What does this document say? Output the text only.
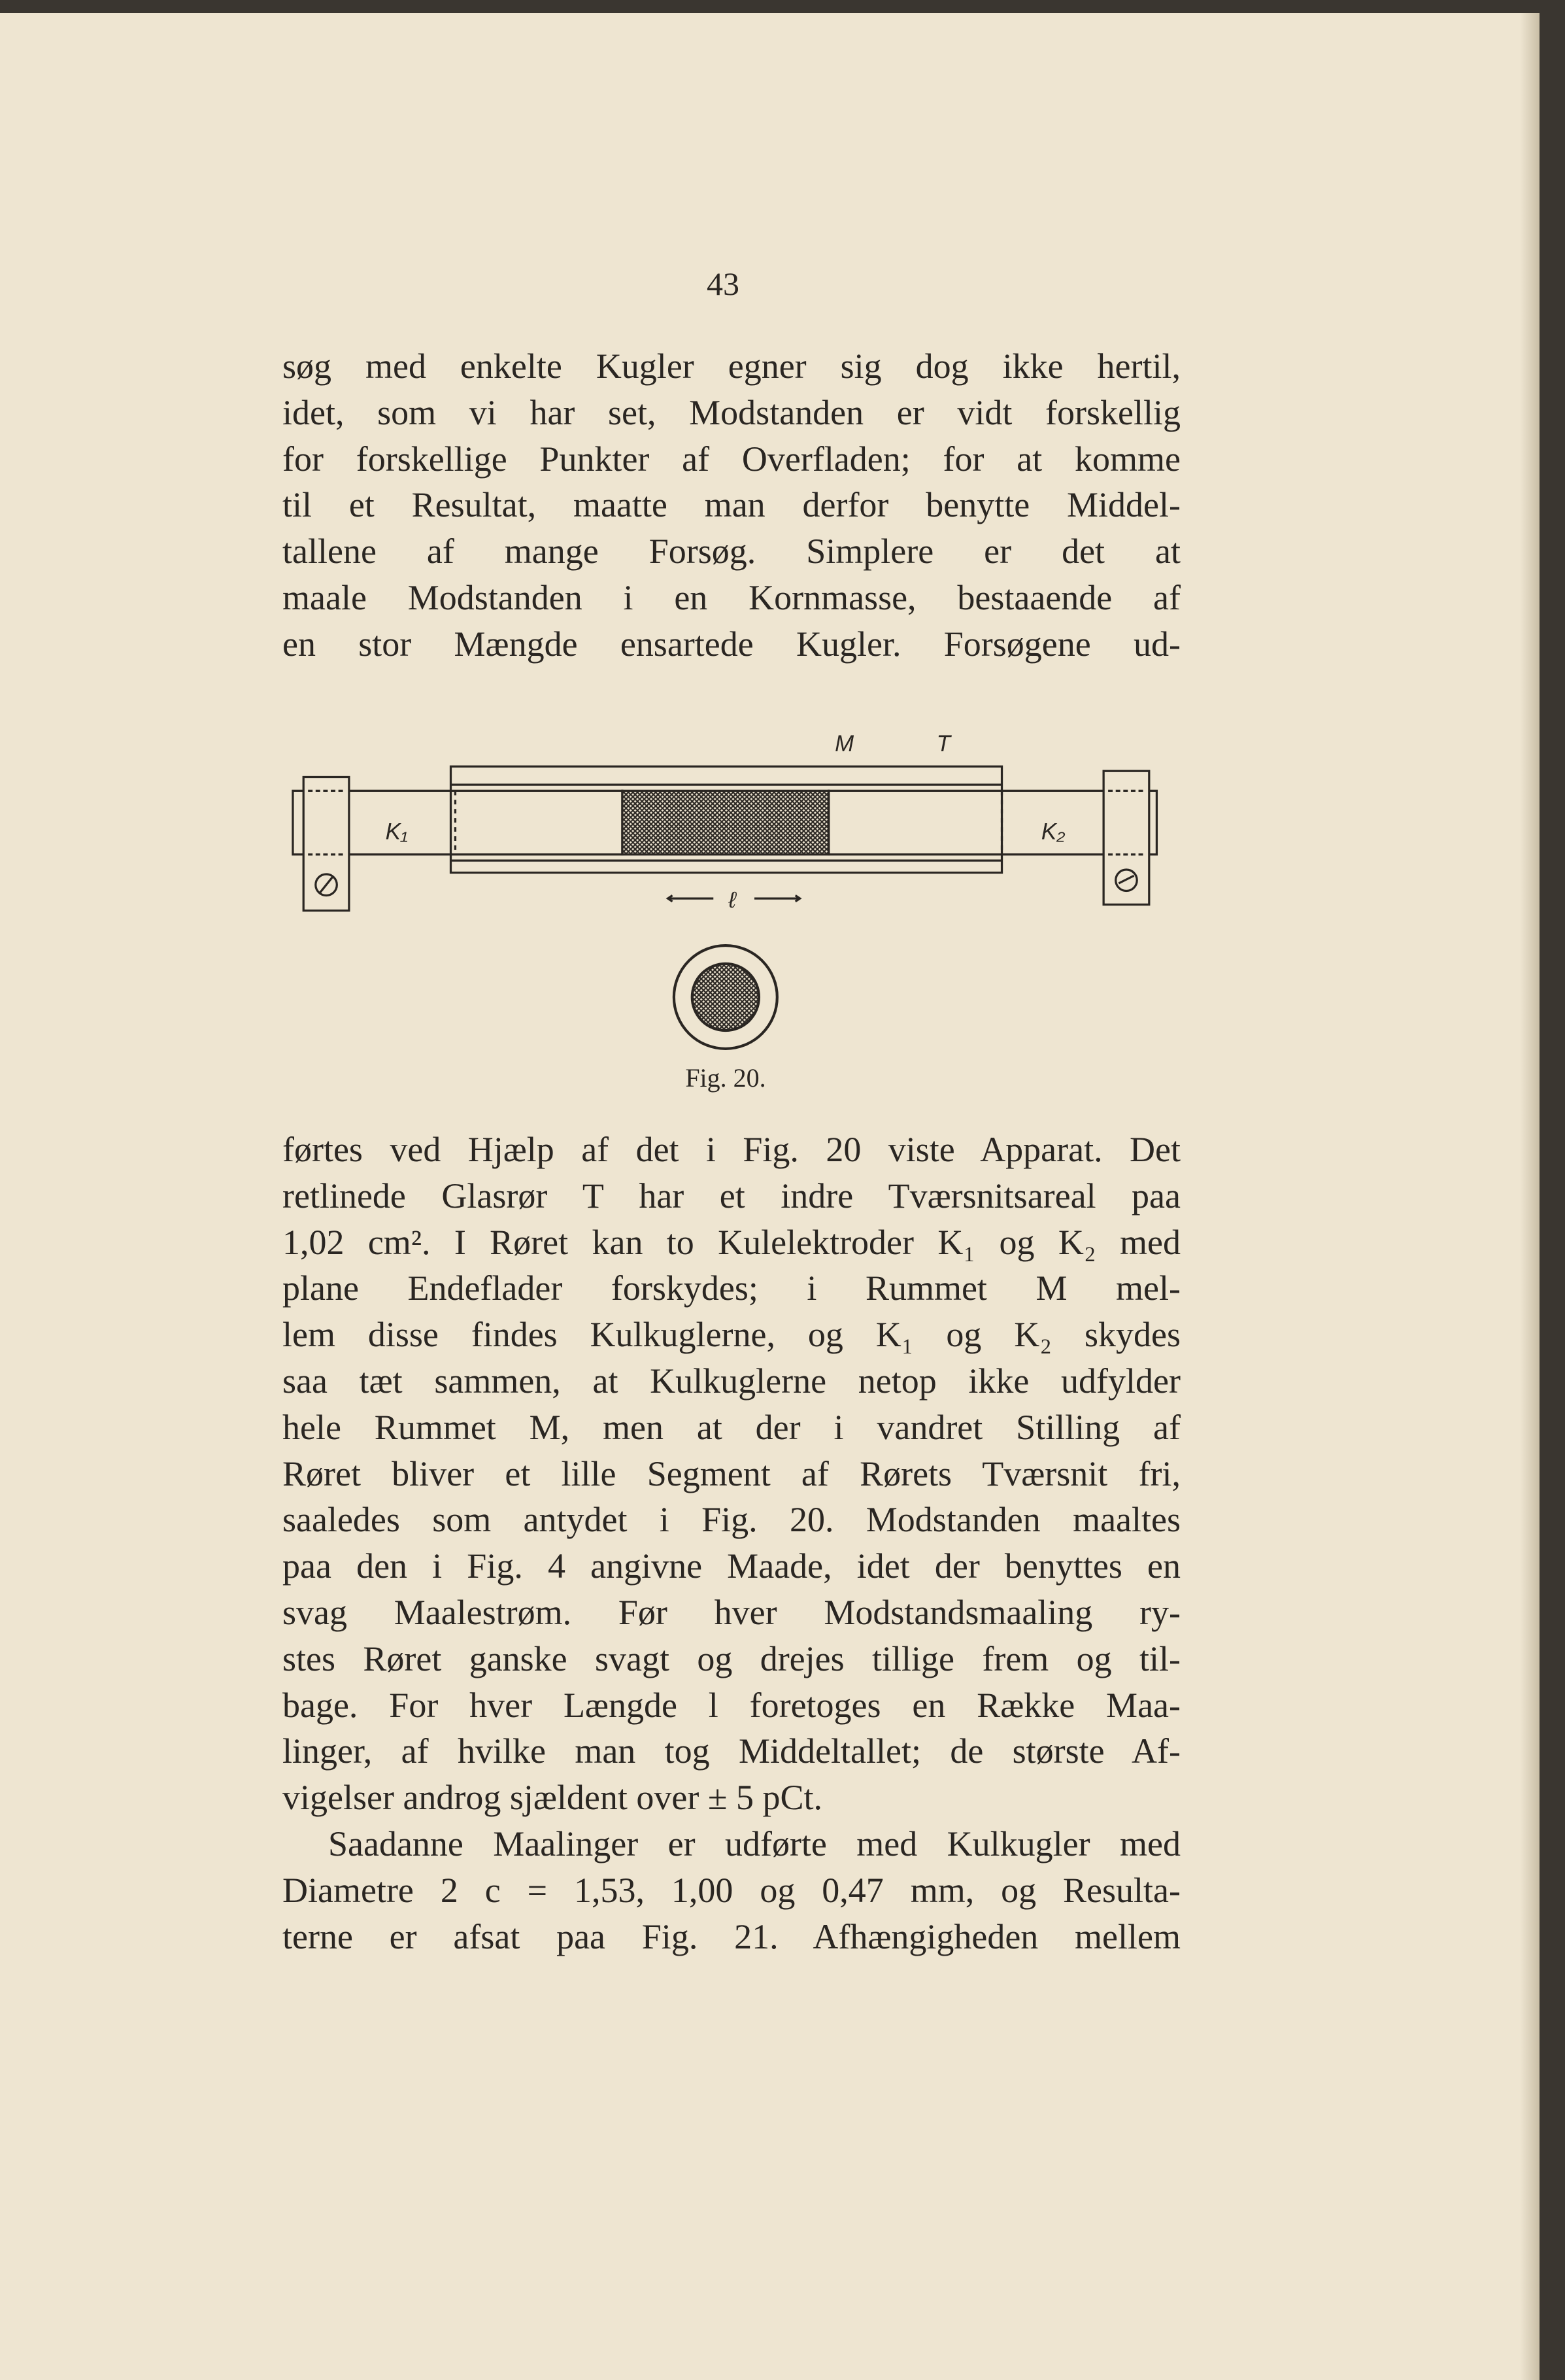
43
søg med enkelte Kugler egner sig dog ikke hertil,
idet, som vi har set, Modstanden er vidt forskellig
for forskellige Punkter af Overfladen; for at komme
til et Resultat, maatte man derfor benytte Middel-
tallene af mange Forsøg. Simplere er det at
maale Modstanden i en Kornmasse, bestaaende af
en stor Mængde ensartede Kugler. Forsøgene ud-
M	T
K₁	K₂
ℓ
Fig. 20.
førtes ved Hjælp af det i Fig. 20 viste Apparat. Det
retlinede Glasrør T har et indre Tværsnitsareal paa
1,02 cm². I Røret kan to Kulelektroder K₁ og K₂ med
plane Endeflader forskydes; i Rummet M mel-
lem disse findes Kulkuglerne, og K₁ og K₂ skydes
saa tæt sammen, at Kulkuglerne netop ikke udfylder
hele Rummet M, men at der i vandret Stilling af
Røret bliver et lille Segment af Rørets Tværsnit fri,
saaledes som antydet i Fig. 20. Modstanden maaltes
paa den i Fig. 4 angivne Maade, idet der benyttes en
svag Maalestrøm. Før hver Modstandsmaaling ry-
stes Røret ganske svagt og drejes tillige frem og til-
bage. For hver Længde l foretoges en Række Maa-
linger, af hvilke man tog Middeltallet; de største Af-
vigelser androg sjældent over ± 5 pCt.
Saadanne Maalinger er udførte med Kulkugler med
Diametre 2 c = 1,53, 1,00 og 0,47 mm, og Resulta-
terne er afsat paa Fig. 21. Afhængigheden mellem
